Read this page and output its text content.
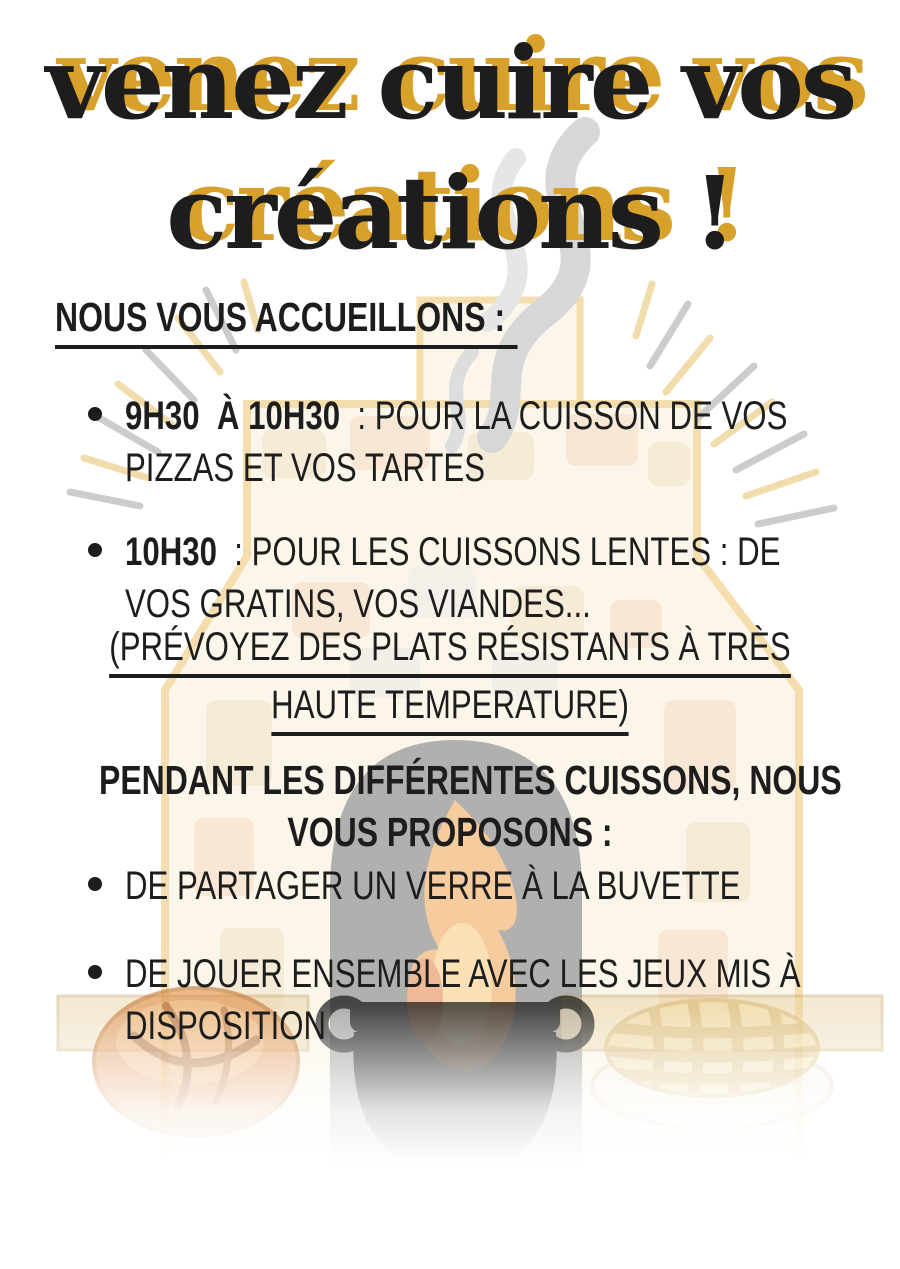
venez cuire vos
créations !
NOUS VOUS ACCUEILLONS :
9H30  À 10H30  : POUR LA CUISSON DE VOS
PIZZAS ET VOS TARTES
10H30  : POUR LES CUISSONS LENTES : DE
VOS GRATINS, VOS VIANDES...
(PRÉVOYEZ DES PLATS RÉSISTANTS À TRÈS
HAUTE TEMPERATURE)
PENDANT LES DIFFÉRENTES CUISSONS, NOUS
VOUS PROPOSONS :
DE PARTAGER UN VERRE À LA BUVETTE
DE JOUER ENSEMBLE AVEC LES JEUX MIS À
DISPOSITION
